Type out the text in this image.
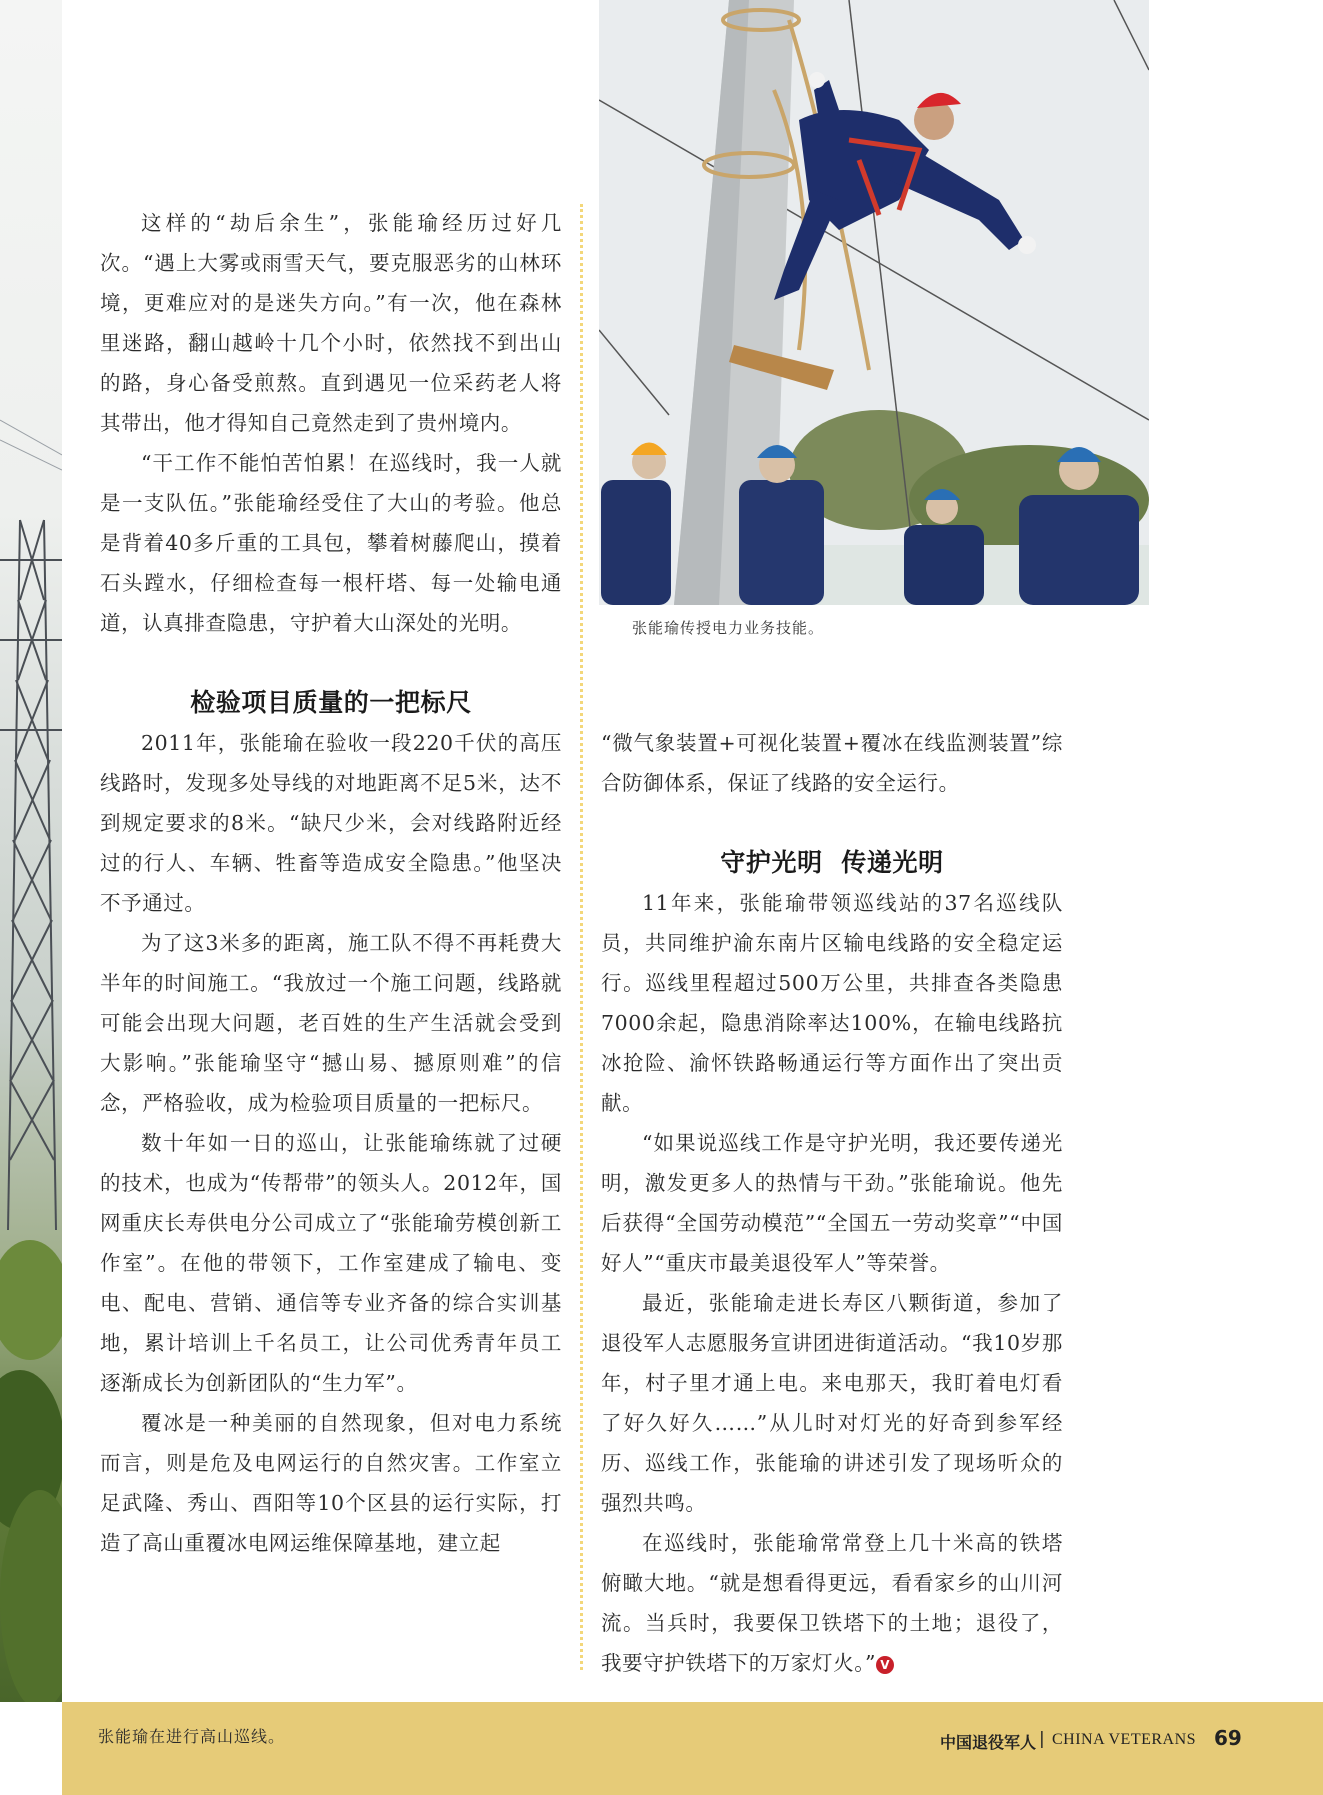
张能瑜传授电力业务技能。

这样的“劫后余生”，张能瑜经历过好几次。“遇上大雾或雨雪天气，要克服恶劣的山林环境，更难应对的是迷失方向。”有一次，他在森林里迷路，翻山越岭十几个小时，依然找不到出山的路，身心备受煎熬。直到遇见一位采药老人将其带出，他才得知自己竟然走到了贵州境内。

“干工作不能怕苦怕累！在巡线时，我一人就是一支队伍。”张能瑜经受住了大山的考验。他总是背着40多斤重的工具包，攀着树藤爬山，摸着石头蹚水，仔细检查每一根杆塔、每一处输电通道，认真排查隐患，守护着大山深处的光明。

检验项目质量的一把标尺

2011年，张能瑜在验收一段220千伏的高压线路时，发现多处导线的对地距离不足5米，达不到规定要求的8米。“缺尺少米，会对线路附近经过的行人、车辆、牲畜等造成安全隐患。”他坚决不予通过。

为了这3米多的距离，施工队不得不再耗费大半年的时间施工。“我放过一个施工问题，线路就可能会出现大问题，老百姓的生产生活就会受到大影响。”张能瑜坚守“撼山易、撼原则难”的信念，严格验收，成为检验项目质量的一把标尺。

数十年如一日的巡山，让张能瑜练就了过硬的技术，也成为“传帮带”的领头人。2012年，国网重庆长寿供电分公司成立了“张能瑜劳模创新工作室”。在他的带领下，工作室建成了输电、变电、配电、营销、通信等专业齐备的综合实训基地，累计培训上千名员工，让公司优秀青年员工逐渐成长为创新团队的“生力军”。

覆冰是一种美丽的自然现象，但对电力系统而言，则是危及电网运行的自然灾害。工作室立足武隆、秀山、酉阳等10个区县的运行实际，打造了高山重覆冰电网运维保障基地，建立起

“微气象装置+可视化装置+覆冰在线监测装置”综合防御体系，保证了线路的安全运行。

守护光明  传递光明

11年来，张能瑜带领巡线站的37名巡线队员，共同维护渝东南片区输电线路的安全稳定运行。巡线里程超过500万公里，共排查各类隐患7000余起，隐患消除率达100%，在输电线路抗冰抢险、渝怀铁路畅通运行等方面作出了突出贡献。

“如果说巡线工作是守护光明，我还要传递光明，激发更多人的热情与干劲。”张能瑜说。他先后获得“全国劳动模范”“全国五一劳动奖章”“中国好人”“重庆市最美退役军人”等荣誉。

最近，张能瑜走进长寿区八颗街道，参加了退役军人志愿服务宣讲团进街道活动。“我10岁那年，村子里才通上电。来电那天，我盯着电灯看了好久好久……”从儿时对灯光的好奇到参军经历、巡线工作，张能瑜的讲述引发了现场听众的强烈共鸣。

在巡线时，张能瑜常常登上几十米高的铁塔俯瞰大地。“就是想看得更远，看看家乡的山川河流。当兵时，我要保卫铁塔下的土地；退役了，我要守护铁塔下的万家灯火。” V

张能瑜在进行高山巡线。	中国退役军人 | CHINA VETERANS 69
